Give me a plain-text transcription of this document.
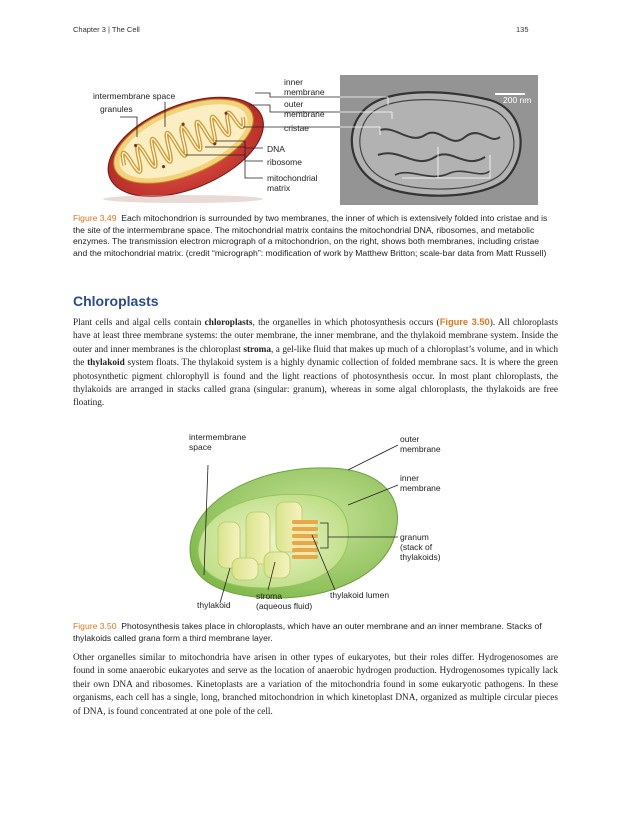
Chapter 3 | The Cell	135
200 nm
intermembrane space
granules
inner
membrane
outer
membrane
cristae
DNA
ribosome
mitochondrial
matrix
Figure 3.49 Each mitochondrion is surrounded by two membranes, the inner of which is extensively folded into cristae and is the site of the intermembrane space. The mitochondrial matrix contains the mitochondrial DNA, ribosomes, and metabolic enzymes. The transmission electron micrograph of a mitochondrion, on the right, shows both membranes, including cristae and the mitochondrial matrix. (credit “micrograph”: modification of work by Matthew Britton; scale-bar data from Matt Russell)
Chloroplasts
Plant cells and algal cells contain chloroplasts, the organelles in which photosynthesis occurs (Figure 3.50). All chloroplasts have at least three membrane systems: the outer membrane, the inner membrane, and the thylakoid membrane system. Inside the outer and inner membranes is the chloroplast stroma, a gel-like fluid that makes up much of a chloroplast’s volume, and in which the thylakoid system floats. The thylakoid system is a highly dynamic collection of folded membrane sacs. It is where the green photosynthetic pigment chlorophyll is found and the light reactions of photosynthesis occur. In most plant chloroplasts, the thylakoids are arranged in stacks called grana (singular: granum), whereas in some algal chloroplasts, the thylakoids are free floating.
intermembrane
space
outer
membrane
inner
membrane
granum
(stack of
thylakoids)
thylakoid lumen
stroma
(aqueous fluid)
thylakoid
Figure 3.50 Photosynthesis takes place in chloroplasts, which have an outer membrane and an inner membrane. Stacks of thylakoids called grana form a third membrane layer.
Other organelles similar to mitochondria have arisen in other types of eukaryotes, but their roles differ. Hydrogenosomes are found in some anaerobic eukaryotes and serve as the location of anaerobic hydrogen production. Hydrogenosomes typically lack their own DNA and ribosomes. Kinetoplasts are a variation of the mitochondria found in some eukaryotic pathogens. In these organisms, each cell has a single, long, branched mitochondrion in which kinetoplast DNA, organized as multiple circular pieces of DNA, is found concentrated at one pole of the cell.
